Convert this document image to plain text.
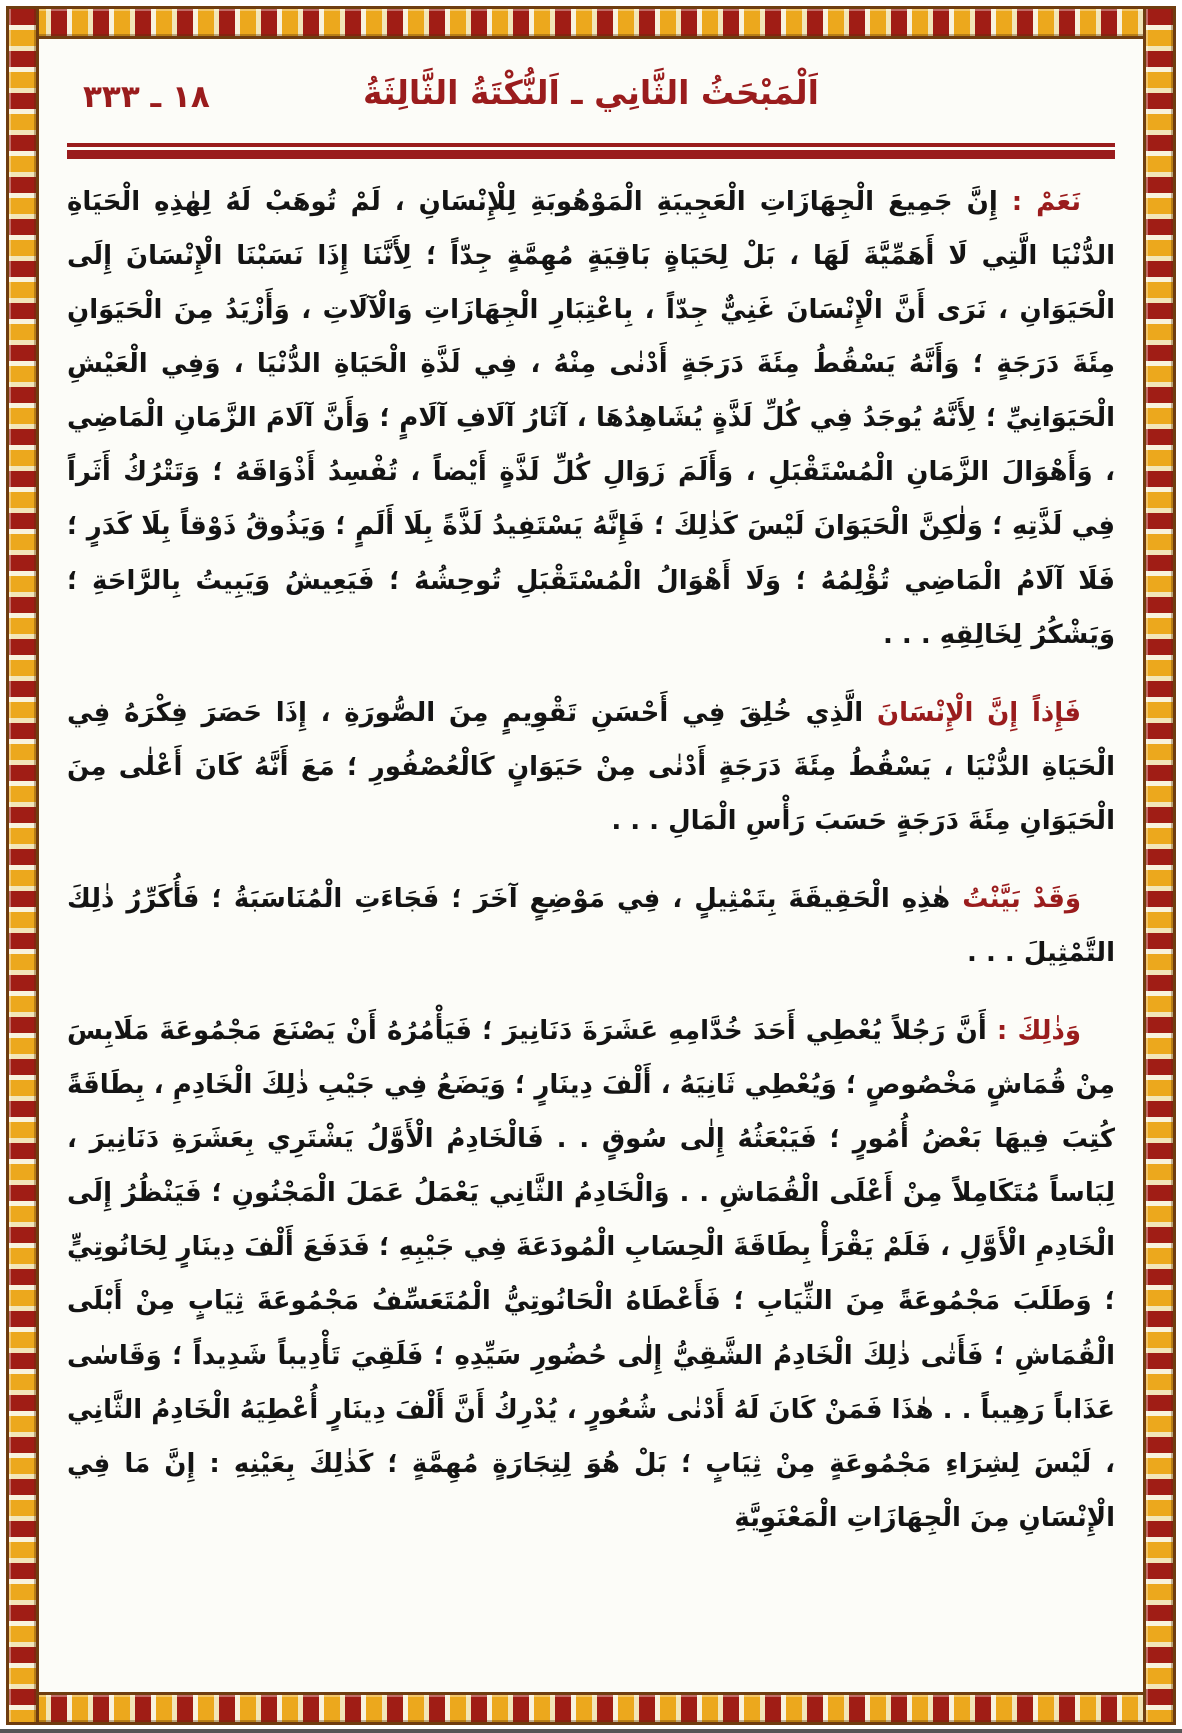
١٨ ـ ٣٣٣	اَلْمَبْحَثُ الثَّانِي ـ اَلنُّكْتَةُ الثَّالِثَةُ

نَعَمْ : إِنَّ جَمِيعَ الْجِهَازَاتِ الْعَجِيبَةِ الْمَوْهُوبَةِ لِلْإِنْسَانِ ، لَمْ تُوهَبْ لَهُ لِهٰذِهِ الْحَيَاةِ الدُّنْيَا الَّتِي لَا أَهَمِّيَّةَ لَهَا ، بَلْ لِحَيَاةٍ بَاقِيَةٍ مُهِمَّةٍ جِدّاً ؛ لِأَنَّنَا إِذَا نَسَبْنَا الْإِنْسَانَ إِلَى الْحَيَوَانِ ، نَرَى أَنَّ الْإِنْسَانَ غَنِيٌّ جِدّاً ، بِاعْتِبَارِ الْجِهَازَاتِ وَالْآلَاتِ ، وَأَزْيَدُ مِنَ الْحَيَوَانِ مِئَةَ دَرَجَةٍ ؛ وَأَنَّهُ يَسْقُطُ مِئَةَ دَرَجَةٍ أَدْنٰى مِنْهُ ، فِي لَذَّةِ الْحَيَاةِ الدُّنْيَا ، وَفِي الْعَيْشِ الْحَيَوَانِيِّ ؛ لِأَنَّهُ يُوجَدُ فِي كُلِّ لَذَّةٍ يُشَاهِدُهَا ، آثَارُ آلَافِ آلَامٍ ؛ وَأَنَّ آلَامَ الزَّمَانِ الْمَاضِي ، وَأَهْوَالَ الزَّمَانِ الْمُسْتَقْبَلِ ، وَأَلَمَ زَوَالِ كُلِّ لَذَّةٍ أَيْضاً ، تُفْسِدُ أَذْوَاقَهُ ؛ وَتَتْرُكُ أَثَراً فِي لَذَّتِهِ ؛ وَلٰكِنَّ الْحَيَوَانَ لَيْسَ كَذٰلِكَ ؛ فَإِنَّهُ يَسْتَفِيدُ لَذَّةً بِلَا أَلَمٍ ؛ وَيَذُوقُ ذَوْقاً بِلَا كَدَرٍ ؛ فَلَا آلَامُ الْمَاضِي تُؤْلِمُهُ ؛ وَلَا أَهْوَالُ الْمُسْتَقْبَلِ تُوحِشُهُ ؛ فَيَعِيشُ وَيَبِيتُ بِالرَّاحَةِ ؛ وَيَشْكُرُ لِخَالِقِهِ . . .

فَإِذاً إِنَّ الْإِنْسَانَ الَّذِي خُلِقَ فِي أَحْسَنِ تَقْوِيمٍ مِنَ الصُّورَةِ ، إِذَا حَصَرَ فِكْرَهُ فِي الْحَيَاةِ الدُّنْيَا ، يَسْقُطُ مِئَةَ دَرَجَةٍ أَدْنٰى مِنْ حَيَوَانٍ كَالْعُصْفُورِ ؛ مَعَ أَنَّهُ كَانَ أَعْلٰى مِنَ الْحَيَوَانِ مِئَةَ دَرَجَةٍ حَسَبَ رَأْسِ الْمَالِ . . .

وَقَدْ بَيَّنْتُ هٰذِهِ الْحَقِيقَةَ بِتَمْثِيلٍ ، فِي مَوْضِعٍ آخَرَ ؛ فَجَاءَتِ الْمُنَاسَبَةُ ؛ فَأُكَرِّرُ ذٰلِكَ التَّمْثِيلَ . . .

وَذٰلِكَ : أَنَّ رَجُلاً يُعْطِي أَحَدَ خُدَّامِهِ عَشَرَةَ دَنَانِيرَ ؛ فَيَأْمُرُهُ أَنْ يَصْنَعَ مَجْمُوعَةَ مَلَابِسَ مِنْ قُمَاشٍ مَخْصُوصٍ ؛ وَيُعْطِي ثَانِيَهُ ، أَلْفَ دِينَارٍ ؛ وَيَضَعُ فِي جَيْبِ ذٰلِكَ الْخَادِمِ ، بِطَاقَةً كُتِبَ فِيهَا بَعْضُ أُمُورٍ ؛ فَيَبْعَثُهُ إِلٰى سُوقٍ . . فَالْخَادِمُ الْأَوَّلُ يَشْتَرِي بِعَشَرَةِ دَنَانِيرَ ، لِبَاساً مُتَكَامِلاً مِنْ أَعْلَى الْقُمَاشِ . . وَالْخَادِمُ الثَّانِي يَعْمَلُ عَمَلَ الْمَجْنُونِ ؛ فَيَنْظُرُ إِلَى الْخَادِمِ الْأَوَّلِ ، فَلَمْ يَقْرَأْ بِطَاقَةَ الْحِسَابِ الْمُودَعَةَ فِي جَيْبِهِ ؛ فَدَفَعَ أَلْفَ دِينَارٍ لِحَانُوتِيٍّ ؛ وَطَلَبَ مَجْمُوعَةً مِنَ الثِّيَابِ ؛ فَأَعْطَاهُ الْحَانُوتِيُّ الْمُتَعَسِّفُ مَجْمُوعَةَ ثِيَابٍ مِنْ أَبْلَى الْقُمَاشِ ؛ فَأَتٰى ذٰلِكَ الْخَادِمُ الشَّقِيُّ إِلٰى حُضُورِ سَيِّدِهِ ؛ فَلَقِيَ تَأْدِيباً شَدِيداً ؛ وَقَاسٰى عَذَاباً رَهِيباً . . هٰذَا فَمَنْ كَانَ لَهُ أَدْنٰى شُعُورٍ ، يُدْرِكُ أَنَّ أَلْفَ دِينَارٍ أُعْطِيَهُ الْخَادِمُ الثَّانِي ، لَيْسَ لِشِرَاءِ مَجْمُوعَةٍ مِنْ ثِيَابٍ ؛ بَلْ هُوَ لِتِجَارَةٍ مُهِمَّةٍ ؛ كَذٰلِكَ بِعَيْنِهِ : إِنَّ مَا فِي الْإِنْسَانِ مِنَ الْجِهَازَاتِ الْمَعْنَوِيَّةِ
